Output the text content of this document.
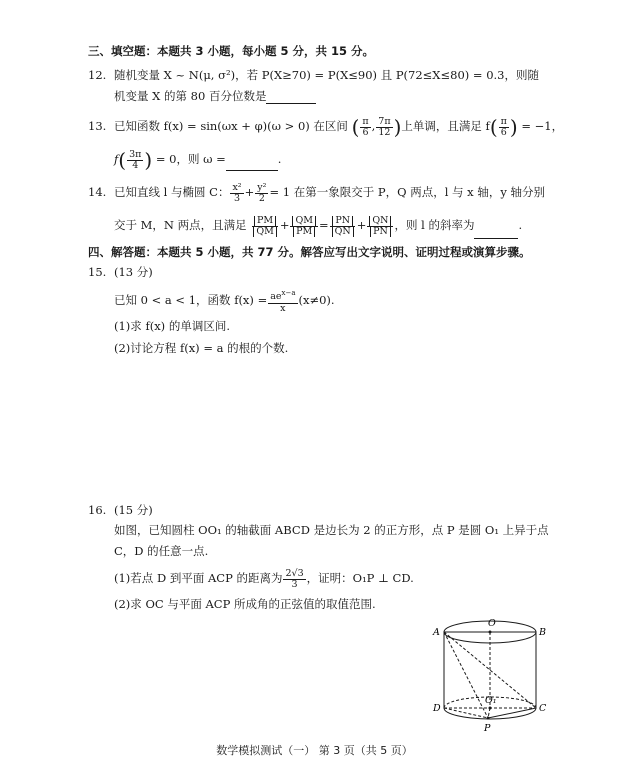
三、填空题：本题共 3 小题，每小题 5 分，共 15 分。
12. 随机变量 X ~ N(μ, σ²)，若 P(X≥70) = P(X≤90) 且 P(72≤X≤80) = 0.3，则随
机变量 X 的第 80 百分位数是
13. 已知函数 f(x) = sin(ωx + φ)(ω > 0) 在区间 ( $\frac{\pi}{6}$ , $\frac{7\pi}{12}$ )上单调，且满足 $f( \frac{\pi}{6}$ ) = −1，
$f( \frac{3\pi}{4}$ ) = 0，则 ω =	.
14. 已知直线 l 与椭圆 C： $\frac{\text{x²}}{3} + \frac{\text{y²}}{2} = 1$ 在第一象限交于 P，Q 两点，l 与 x 轴，y 轴分别
交于 M，N 两点，且满足 $\frac{PM}{QM} + \frac{QM}{PM} = \frac{PN}{QN} + \frac{QN}{PN}$ ，则 l 的斜率为	.
四、解答题：本题共 5 小题，共 77 分。解答应写出文字说明、证明过程或演算步骤。
15. (13 分)
已知 0 < a < 1，函数 $f(x) = \frac{ae^{x-a}}{x} (x\ne 0)$.
(1)求 f(x) 的单调区间.
(2)讨论方程 f(x) = a 的根的个数.
16. (15 分)
如图，已知圆柱 OO₁ 的轴截面 ABCD 是边长为 2 的正方形，点 P 是圆 O₁ 上异于点
C，D 的任意一点.
(1)若点 D 到平面 ACP 的距离为 $\frac{2√3}{3}$ ，证明：O₁P ⊥ CD.
(2)求 OC 与平面 ACP 所成角的正弦值的取值范围.
A	B
C
D
O
O₁
P
数学模拟测试（一） 第 3 页（共 5 页）
